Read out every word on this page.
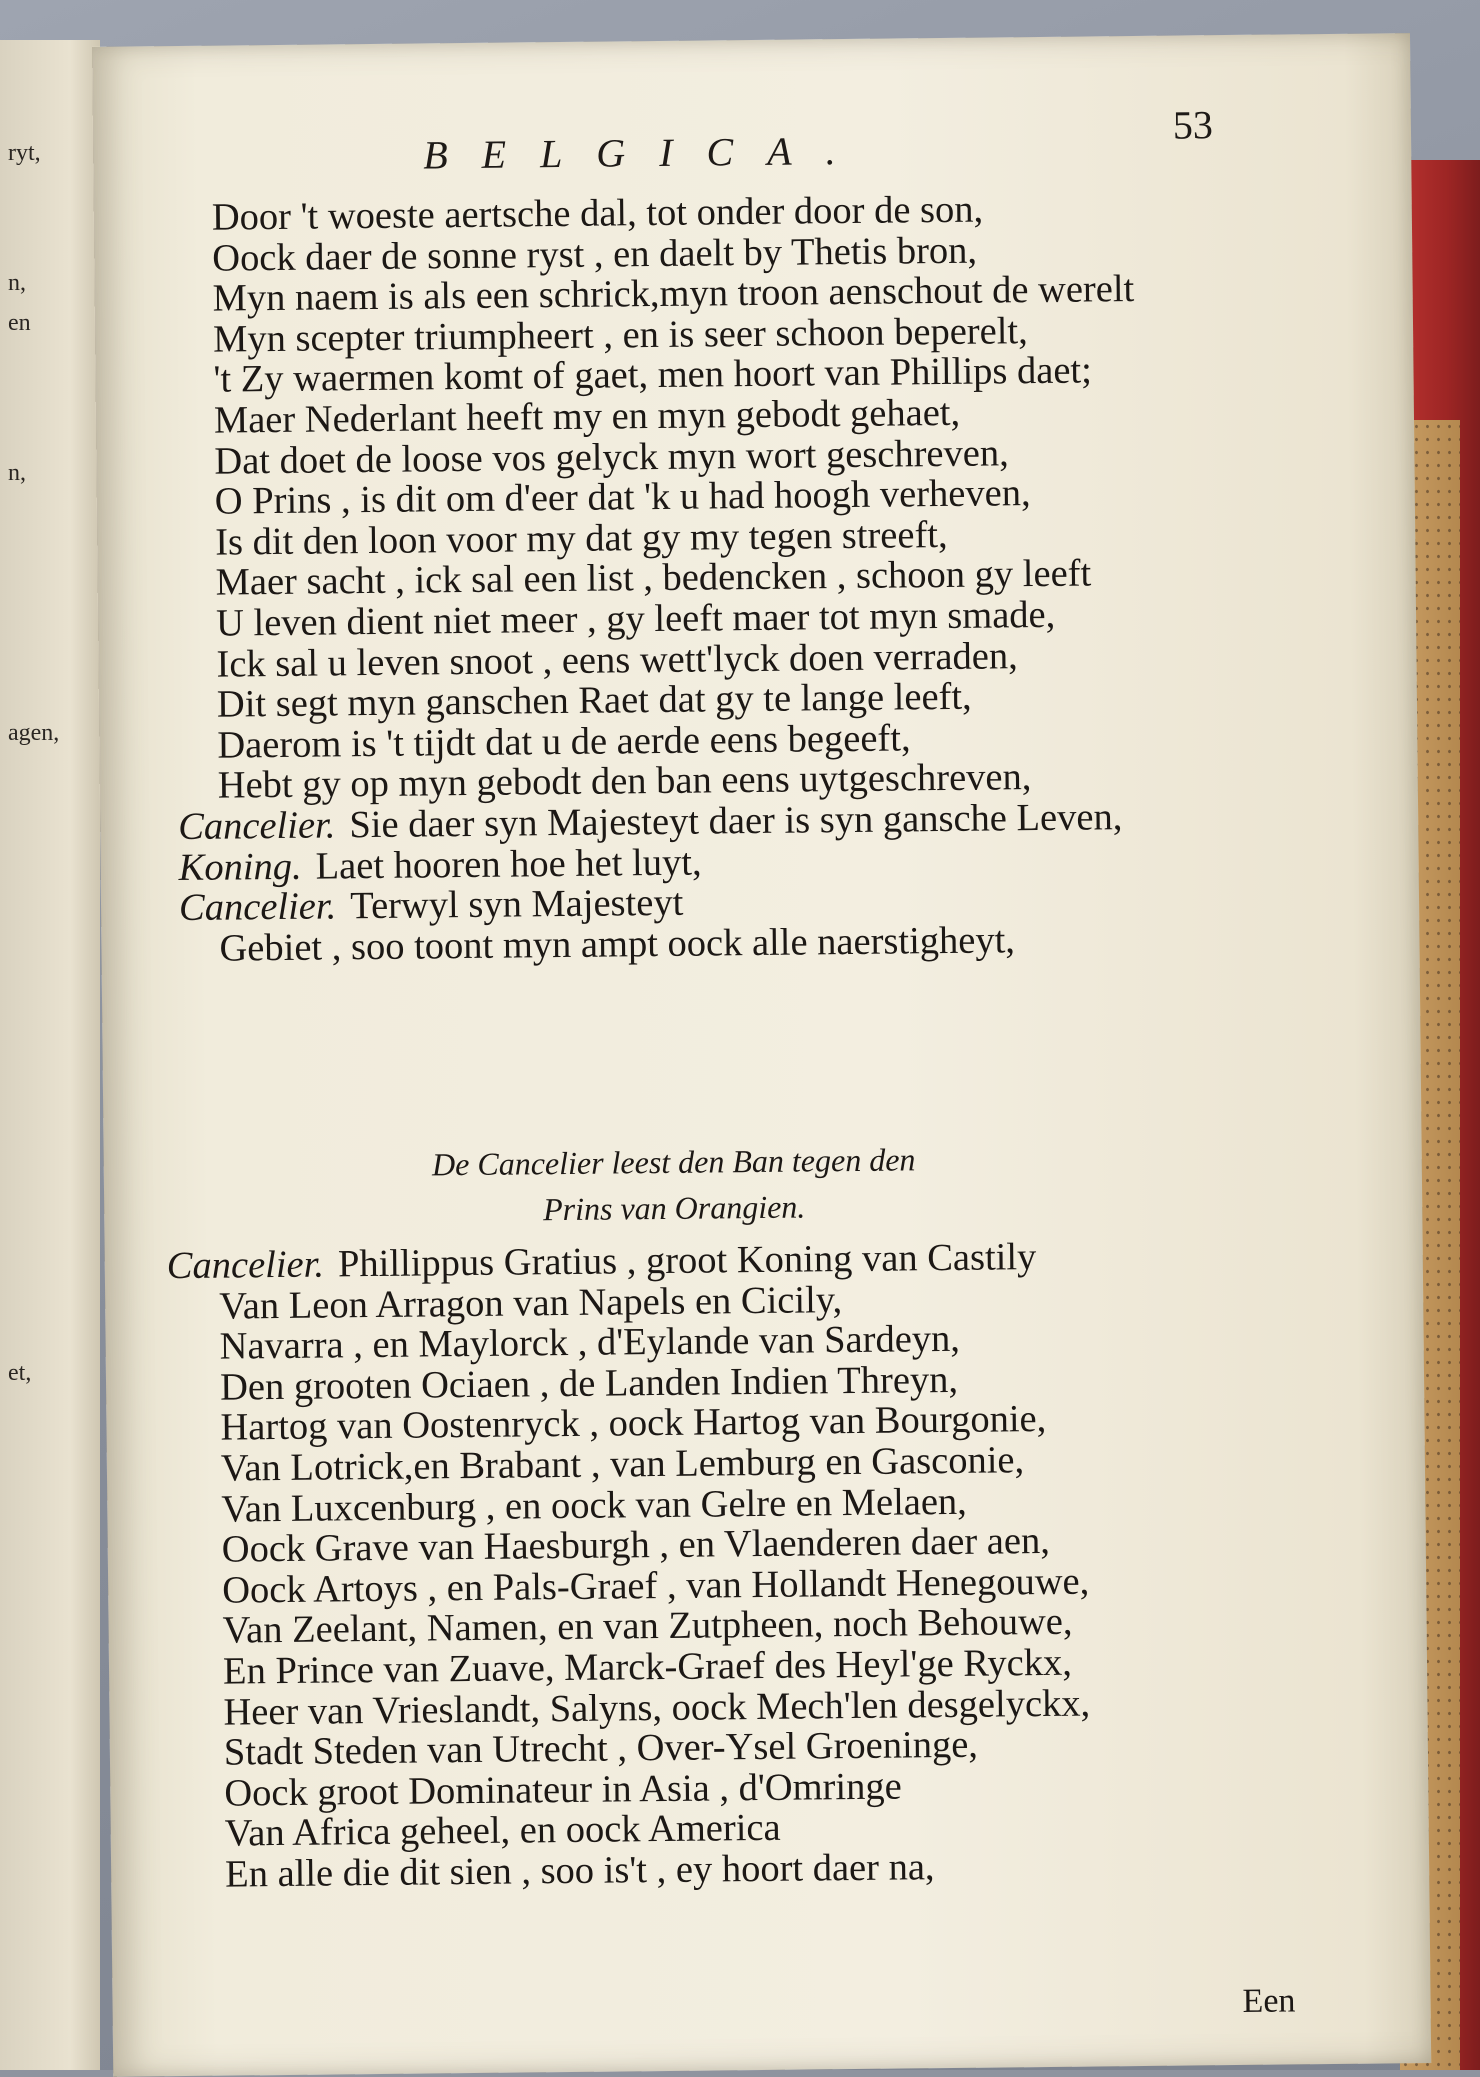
ryt,
n,
en
n,
agen,
et,
BELGICA.
53
Door 't woeste aertsche dal, tot onder door de son,
Oock daer de sonne ryst , en daelt by Thetis bron,
Myn naem is als een schrick,myn troon aenschout de werelt
Myn scepter triumpheert , en is seer schoon beperelt,
't Zy waermen komt of gaet, men hoort van Phillips daet;
Maer Nederlant heeft my en myn gebodt gehaet,
Dat doet de loose vos gelyck myn wort geschreven,
O Prins , is dit om d'eer dat 'k u had hoogh verheven,
Is dit den loon voor my dat gy my tegen streeft,
Maer sacht , ick sal een list , bedencken , schoon gy leeft
U leven dient niet meer , gy leeft maer tot myn smade,
Ick sal u leven snoot , eens wett'lyck doen verraden,
Dit segt myn ganschen Raet dat gy te lange leeft,
Daerom is 't tijdt dat u de aerde eens begeeft,
Hebt gy op myn gebodt den ban eens uytgeschreven,
Cancelier. Sie daer syn Majesteyt daer is syn gansche Leven,
Koning. Laet hooren hoe het luyt,
Cancelier. Terwyl syn Majesteyt
Gebiet , soo toont myn ampt oock alle naerstigheyt,
De Cancelier leest den Ban tegen den
Prins van Orangien.
Cancelier. Phillippus Gratius , groot Koning van Castily
Van Leon Arragon van Napels en Cicily,
Navarra , en Maylorck , d'Eylande van Sardeyn,
Den grooten Ociaen , de Landen Indien Threyn,
Hartog van Oostenryck , oock Hartog van Bourgonie,
Van Lotrick,en Brabant , van Lemburg en Gasconie,
Van Luxcenburg , en oock van Gelre en Melaen,
Oock Grave van Haesburgh , en Vlaenderen daer aen,
Oock Artoys , en Pals-Graef , van Hollandt Henegouwe,
Van Zeelant, Namen, en van Zutpheen, noch Behouwe,
En Prince van Zuave, Marck-Graef des Heyl'ge Ryckx,
Heer van Vrieslandt, Salyns, oock Mech'len desgelyckx,
Stadt Steden van Utrecht , Over-Ysel Groeninge,
Oock groot Dominateur in Asia , d'Omringe
Van Africa geheel, en oock America
En alle die dit sien , soo is't , ey hoort daer na,
Een
